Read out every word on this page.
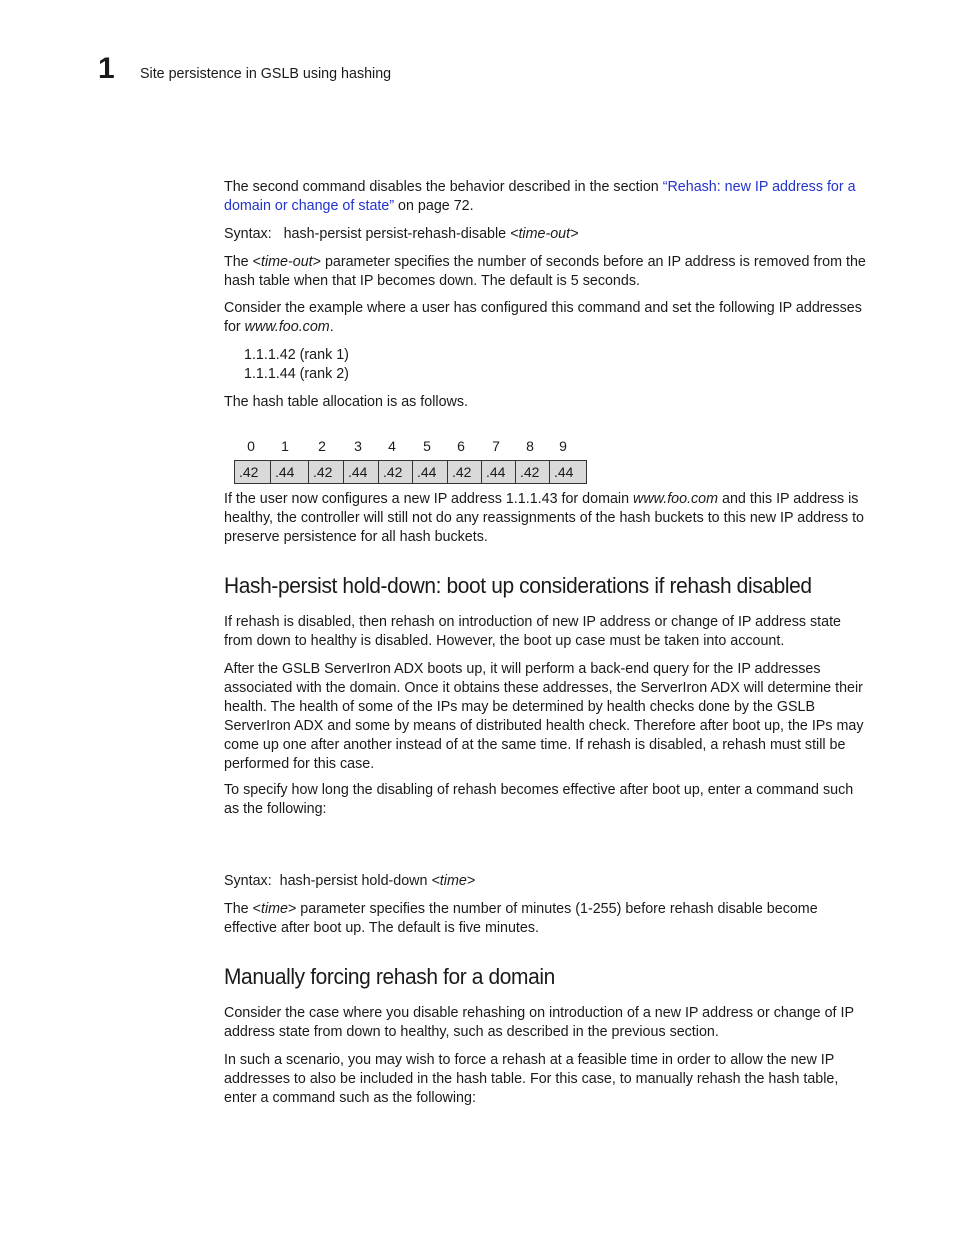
1 Site persistence in GSLB using hashing

The second command disables the behavior described in the section “Rehash: new IP address for a domain or change of state” on page 72.

Syntax: hash-persist persist-rehash-disable <time-out>

The <time-out> parameter specifies the number of seconds before an IP address is removed from the hash table when that IP becomes down. The default is 5 seconds.

Consider the example where a user has configured this command and set the following IP addresses for www.foo.com.

1.1.1.42 (rank 1)
1.1.1.44 (rank 2)
The hash table allocation is as follows.
0	1	2	3	4	5	6	7	8	9
.42	.44	.42	.44	.42	.44	.42	.44	.42	.44

If the user now configures a new IP address 1.1.1.43 for domain www.foo.com and this IP address is healthy, the controller will still not do any reassignments of the hash buckets to this new IP address to preserve persistence for all hash buckets.

Hash-persist hold-down: boot up considerations if rehash disabled
If rehash is disabled, then rehash on introduction of new IP address or change of IP address state from down to healthy is disabled. However, the boot up case must be taken into account.
After the GSLB ServerIron ADX boots up, it will perform a back-end query for the IP addresses associated with the domain. Once it obtains these addresses, the ServerIron ADX will determine their health. The health of some of the IPs may be determined by health checks done by the GSLB ServerIron ADX and some by means of distributed health check. Therefore after boot up, the IPs may come up one after another instead of at the same time. If rehash is disabled, a rehash must still be performed for this case.
To specify how long the disabling of rehash becomes effective after boot up, enter a command such as the following:
Syntax: hash-persist hold-down <time>

The <time> parameter specifies the number of minutes (1-255) before rehash disable become effective after boot up. The default is five minutes.

Manually forcing rehash for a domain
Consider the case where you disable rehashing on introduction of a new IP address or change of IP address state from down to healthy, such as described in the previous section.
In such a scenario, you may wish to force a rehash at a feasible time in order to allow the new IP addresses to also be included in the hash table. For this case, to manually rehash the hash table, enter a command such as the following:
